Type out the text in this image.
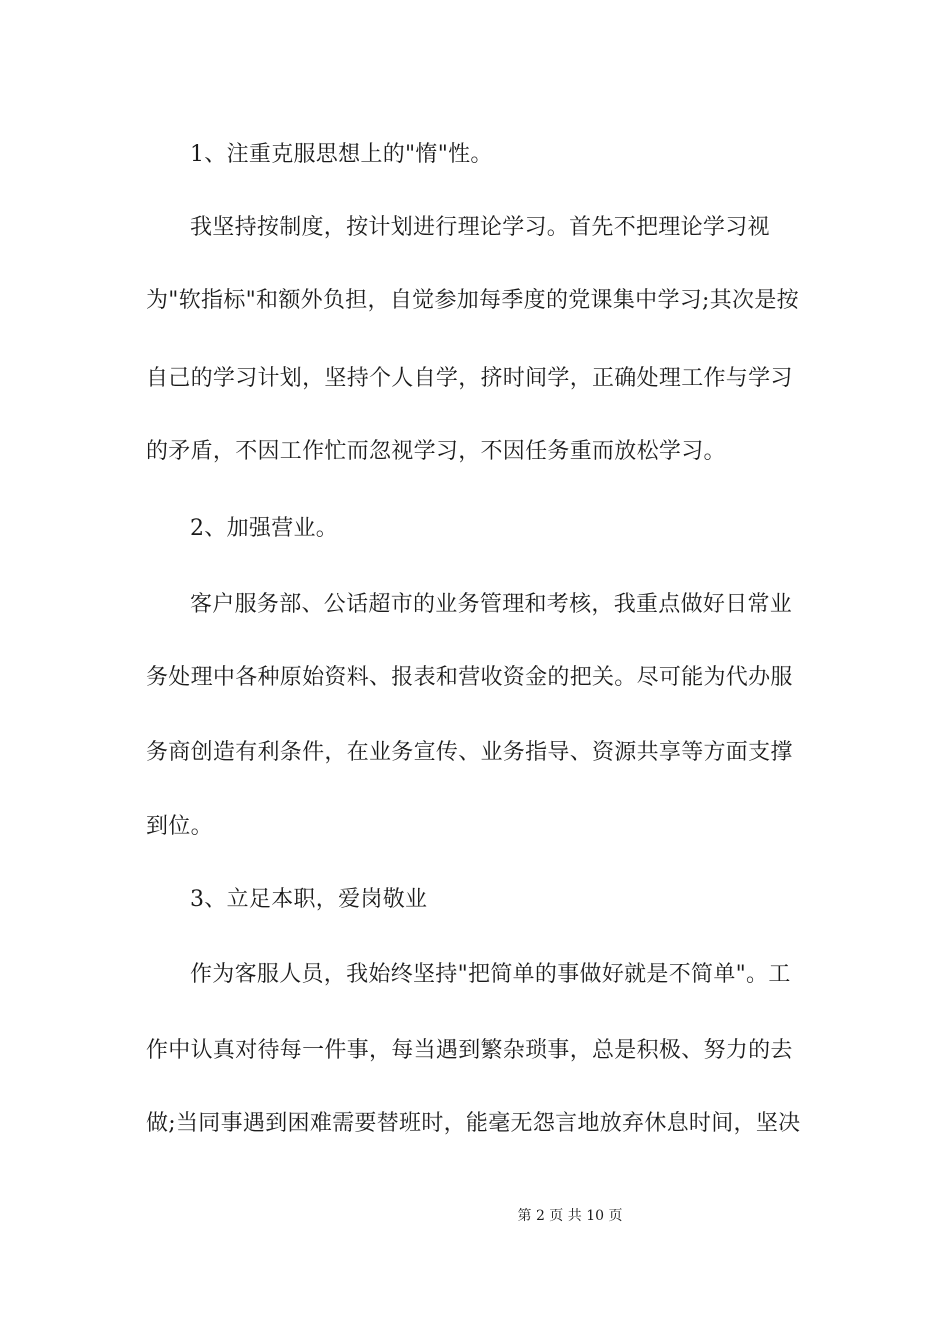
1、注重克服思想上的"惰"性。
我坚持按制度，按计划进行理论学习。首先不把理论学习视
为"软指标"和额外负担，自觉参加每季度的党课集中学习;其次是按
自己的学习计划，坚持个人自学，挤时间学，正确处理工作与学习
的矛盾，不因工作忙而忽视学习，不因任务重而放松学习。
2、加强营业。
客户服务部、公话超市的业务管理和考核，我重点做好日常业
务处理中各种原始资料、报表和营收资金的把关。尽可能为代办服
务商创造有利条件，在业务宣传、业务指导、资源共享等方面支撑
到位。
3、立足本职，爱岗敬业
作为客服人员，我始终坚持"把简单的事做好就是不简单"。工
作中认真对待每一件事，每当遇到繁杂琐事，总是积极、努力的去
做;当同事遇到困难需要替班时，能毫无怨言地放弃休息时间，坚决
第 2 页 共 10 页
